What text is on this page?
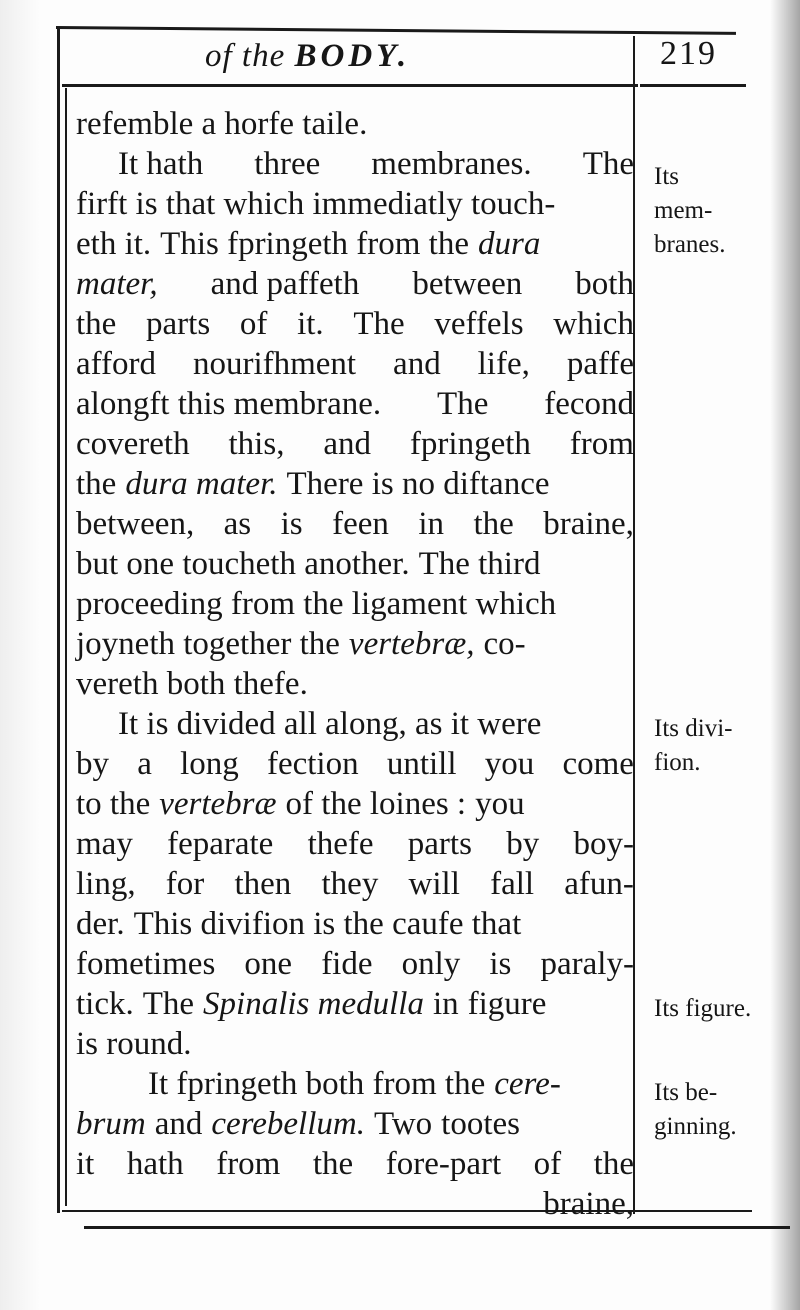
of the BODY.	219
refemble a horfe taile.
It hath three membranes. The
firft is that which immediatly touch-
eth it. This fpringeth from the dura
mater, and paffeth between both
the parts of it. The veffels which
afford nourifhment and life, paffe
alongft this membrane. The fecond
covereth this, and fpringeth from
the dura mater. There is no diftance
between, as is feen in the braine,
but one toucheth another. The third
proceeding from the ligament which
joyneth together the vertebræ, co-
vereth both thefe.
It is divided all along, as it were
by a long fection untill you come
to the vertebræ of the loines : you
may feparate thefe parts by boy-
ling, for then they will fall afun-
der. This divifion is the caufe that
fometimes one fide only is paraly-
tick. The Spinalis medulla in figure
is round.
It fpringeth both from the cere-
brum and cerebellum. Two tootes
it hath from the fore-part of the
braine,
Its
mem-
branes.
Its divi-
fion.
Its figure.
Its be-
ginning.
